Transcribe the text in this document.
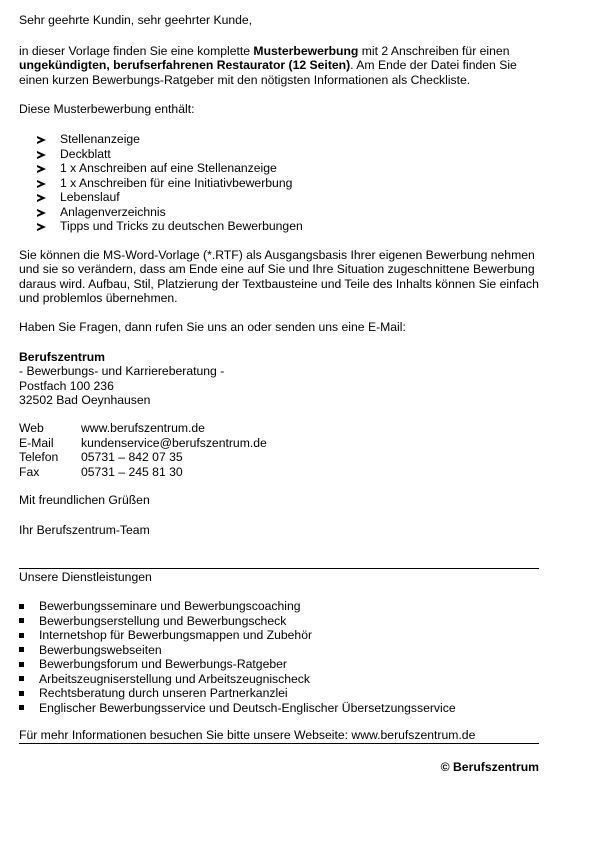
Sehr geehrte Kundin, sehr geehrter Kunde,

in dieser Vorlage finden Sie eine komplette Musterbewerbung mit 2 Anschreiben für einen ungekündigten, berufserfahrenen Restaurator (12 Seiten). Am Ende der Datei finden Sie einen kurzen Bewerbungs-Ratgeber mit den nötigsten Informationen als Checkliste.

Diese Musterbewerbung enthält:

Stellenanzeige
Deckblatt
1 x Anschreiben auf eine Stellenanzeige
1 x Anschreiben für eine Initiativbewerbung
Lebenslauf
Anlagenverzeichnis
Tipps und Tricks zu deutschen Bewerbungen

Sie können die MS-Word-Vorlage (*.RTF) als Ausgangsbasis Ihrer eigenen Bewerbung nehmen und sie so verändern, dass am Ende eine auf Sie und Ihre Situation zugeschnittene Bewerbung daraus wird. Aufbau, Stil, Platzierung der Textbausteine und Teile des Inhalts können Sie einfach und problemlos übernehmen.

Haben Sie Fragen, dann rufen Sie uns an oder senden uns eine E-Mail:

Berufszentrum

- Bewerbungs- und Karriereberatung -

Postfach 100 236

32502 Bad Oeynhausen

Web	www.berufszentrum.de
E-Mail	kundenservice@berufszentrum.de
Telefon	05731 – 842 07 35
Fax	05731 – 245 81 30

Mit freundlichen Grüßen

Ihr Berufszentrum-Team

Unsere Dienstleistungen

Bewerbungsseminare und Bewerbungscoaching
Bewerbungserstellung und Bewerbungscheck
Internetshop für Bewerbungsmappen und Zubehör
Bewerbungswebseiten
Bewerbungsforum und Bewerbungs-Ratgeber
Arbeitszeugniserstellung und Arbeitszeugnischeck
Rechtsberatung durch unseren Partnerkanzlei
Englischer Bewerbungsservice und Deutsch-Englischer Übersetzungsservice

Für mehr Informationen besuchen Sie bitte unsere Webseite: www.berufszentrum.de

© Berufszentrum
